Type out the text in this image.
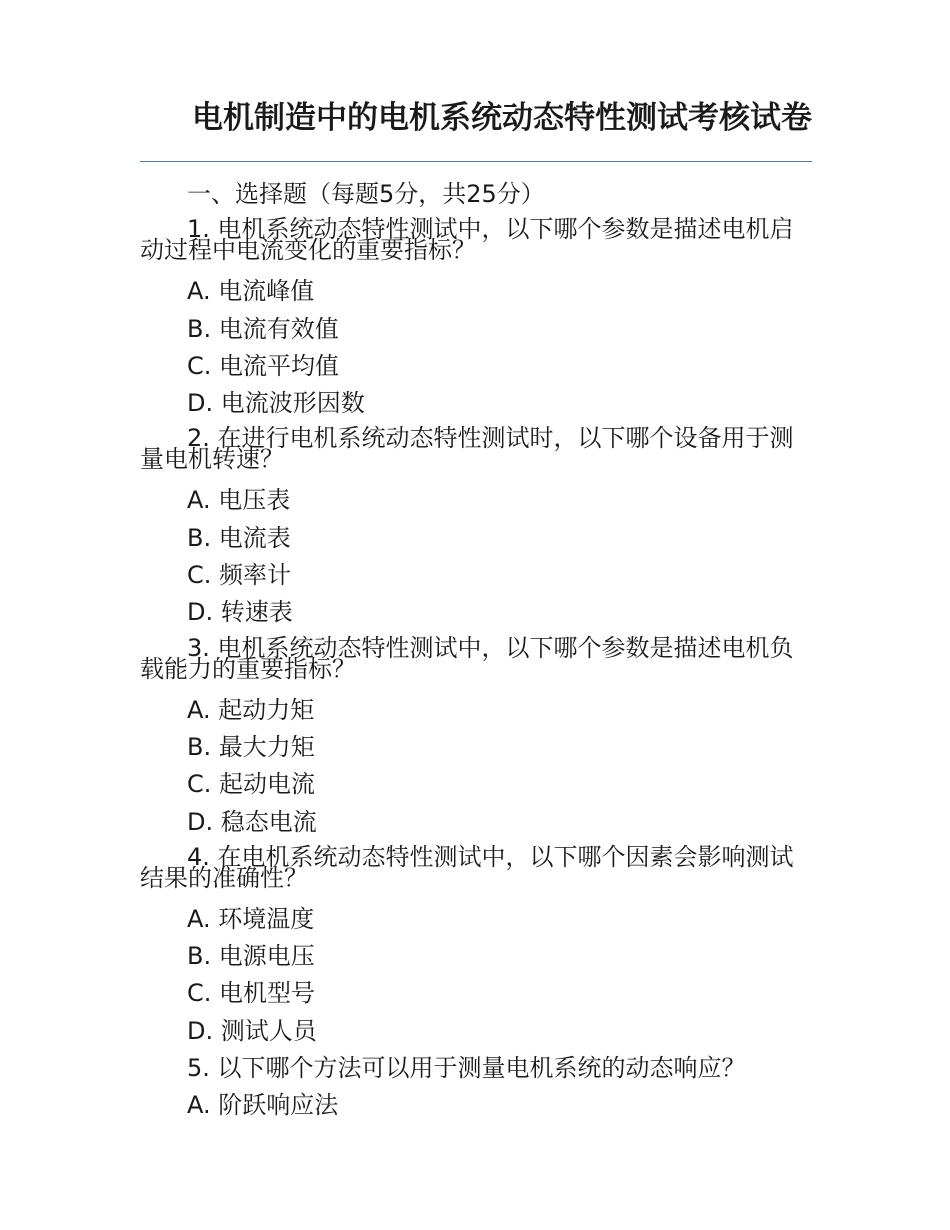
电机制造中的电机系统动态特性测试考核试卷
一、选择题（每题5分，共25分）
1. 电机系统动态特性测试中，以下哪个参数是描述电机启动过程中电流变化的重要指标？
A. 电流峰值
B. 电流有效值
C. 电流平均值
D. 电流波形因数
2. 在进行电机系统动态特性测试时，以下哪个设备用于测量电机转速？
A. 电压表
B. 电流表
C. 频率计
D. 转速表
3. 电机系统动态特性测试中，以下哪个参数是描述电机负载能力的重要指标？
A. 起动力矩
B. 最大力矩
C. 起动电流
D. 稳态电流
4. 在电机系统动态特性测试中，以下哪个因素会影响测试结果的准确性？
A. 环境温度
B. 电源电压
C. 电机型号
D. 测试人员
5. 以下哪个方法可以用于测量电机系统的动态响应？
A. 阶跃响应法
